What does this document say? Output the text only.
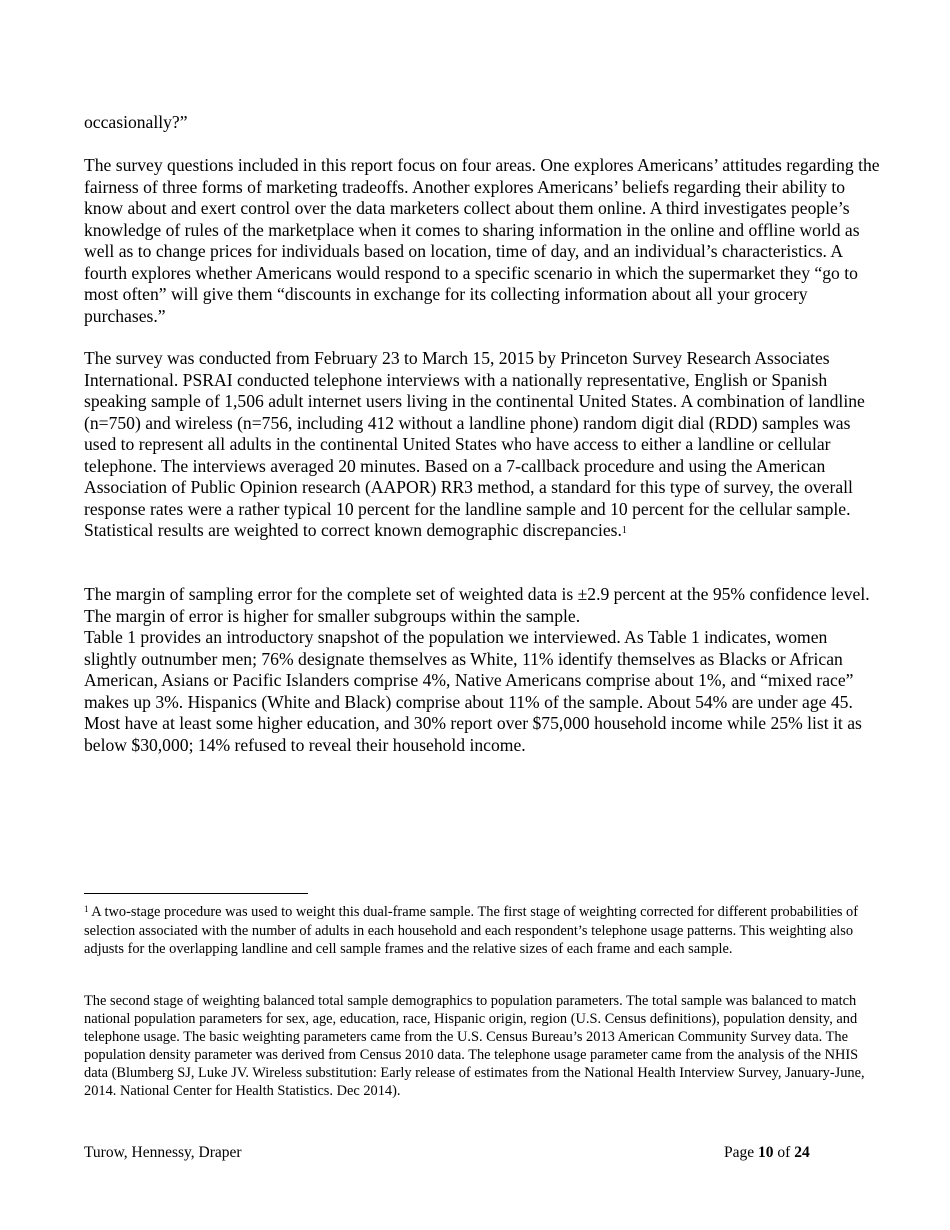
occasionally?”

The survey questions included in this report focus on four areas. One explores Americans’ attitudes regarding the fairness of three forms of marketing tradeoffs. Another explores Americans’ beliefs regarding their ability to know about and exert control over the data marketers collect about them online. A third investigates people’s knowledge of rules of the marketplace when it comes to sharing information in the online and offline world as well as to change prices for individuals based on location, time of day, and an individual’s characteristics. A fourth explores whether Americans would respond to a specific scenario in which the supermarket they “go to most often” will give them “discounts in exchange for its collecting information about all your grocery purchases.”

The survey was conducted from February 23 to March 15, 2015 by Princeton Survey Research Associates International. PSRAI conducted telephone interviews with a nationally representative, English or Spanish speaking sample of 1,506 adult internet users living in the continental United States. A combination of landline (n=750) and wireless (n=756, including 412 without a landline phone) random digit dial (RDD) samples was used to represent all adults in the continental United States who have access to either a landline or cellular telephone. The interviews averaged 20 minutes. Based on a 7-callback procedure and using the American Association of Public Opinion research (AAPOR) RR3 method, a standard for this type of survey, the overall response rates were a rather typical 10 percent for the landline sample and 10 percent for the cellular sample. Statistical results are weighted to correct known demographic discrepancies.$^1$

The margin of sampling error for the complete set of weighted data is ±2.9 percent at the 95% confidence level. The margin of error is higher for smaller subgroups within the sample.
Table 1 provides an introductory snapshot of the population we interviewed. As Table 1 indicates, women slightly outnumber men; 76% designate themselves as White, 11% identify themselves as Blacks or African American, Asians or Pacific Islanders comprise 4%, Native Americans comprise about 1%, and “mixed race” makes up 3%. Hispanics (White and Black) comprise about 11% of the sample. About 54% are under age 45. Most have at least some higher education, and 30% report over $75,000 household income while 25% list it as below $30,000; 14% refused to reveal their household income.

$^1$ A two-stage procedure was used to weight this dual-frame sample. The first stage of weighting corrected for different probabilities of selection associated with the number of adults in each household and each respondent’s telephone usage patterns. This weighting also adjusts for the overlapping landline and cell sample frames and the relative sizes of each frame and each sample.

The second stage of weighting balanced total sample demographics to population parameters. The total sample was balanced to match national population parameters for sex, age, education, race, Hispanic origin, region (U.S. Census definitions), population density, and telephone usage. The basic weighting parameters came from the U.S. Census Bureau’s 2013 American Community Survey data. The population density parameter was derived from Census 2010 data. The telephone usage parameter came from the analysis of the NHIS data (Blumberg SJ, Luke JV. Wireless substitution: Early release of estimates from the National Health Interview Survey, January-June, 2014. National Center for Health Statistics. Dec 2014).

Turow, Hennessy, Draper	Page 10 of 24
